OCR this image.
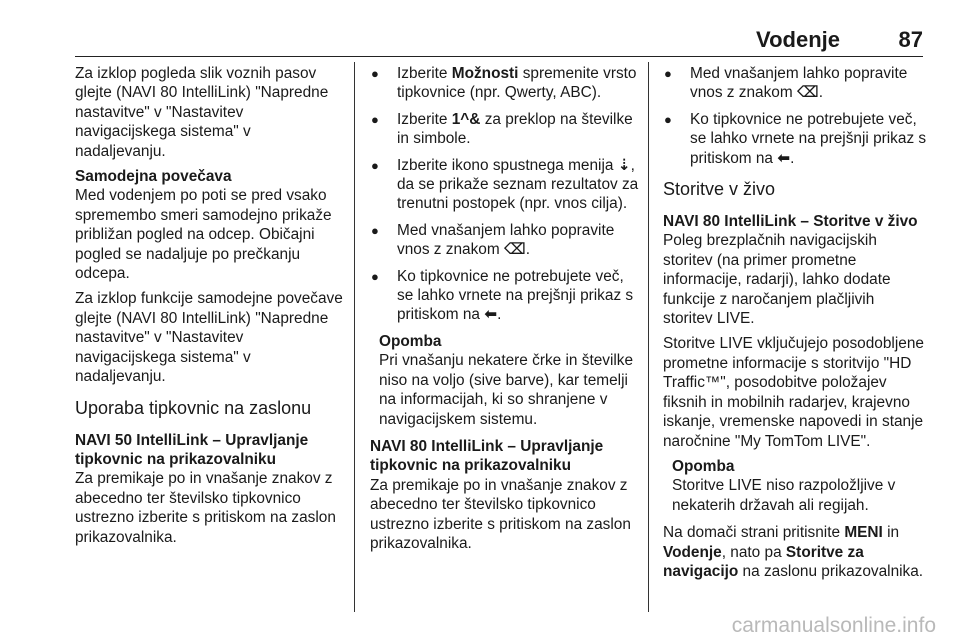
Vodenje	87

Za izklop pogleda slik voznih pasov glejte (NAVI 80 IntelliLink) "Napredne nastavitve" v "Nastavitev navigacijskega sistema" v nadaljevanju.

Samodejna povečava

Med vodenjem po poti se pred vsako spremembo smeri samodejno prikaže približan pogled na odcep. Običajni pogled se nadaljuje po prečkanju odcepa.

Za izklop funkcije samodejne povečave glejte (NAVI 80 IntelliLink) "Napredne nastavitve" v "Nastavitev navigacijskega sistema" v nadaljevanju.

Uporaba tipkovnic na zaslonu

NAVI 50 IntelliLink – Upravljanje tipkovnic na prikazovalniku

Za premikaje po in vnašanje znakov z abecedno ter številsko tipkovnico ustrezno izberite s pritiskom na zaslon prikazovalnika.

● Izberite Možnosti spremenite vrsto tipkovnice (npr. Qwerty, ABC).
● Izberite 1^& za preklop na številke in simbole.
● Izberite ikono spustnega menija ⇣, da se prikaže seznam rezultatov za trenutni postopek (npr. vnos cilja).
● Med vnašanjem lahko popravite vnos z znakom ⌫.
● Ko tipkovnice ne potrebujete več, se lahko vrnete na prejšnji prikaz s pritiskom na ⬅.
Opomba
Pri vnašanju nekatere črke in številke niso na voljo (sive barve), kar temelji na informacijah, ki so shranjene v navigacijskem sistemu.

NAVI 80 IntelliLink – Upravljanje tipkovnic na prikazovalniku

Za premikaje po in vnašanje znakov z abecedno ter številsko tipkovnico ustrezno izberite s pritiskom na zaslon prikazovalnika.

● Med vnašanjem lahko popravite vnos z znakom ⌫.
● Ko tipkovnice ne potrebujete več, se lahko vrnete na prejšnji prikaz s pritiskom na ⬅.
Storitve v živo

NAVI 80 IntelliLink – Storitve v živo

Poleg brezplačnih navigacijskih storitev (na primer prometne informacije, radarji), lahko dodate funkcije z naročanjem plačljivih storitev LIVE.

Storitve LIVE vključujejo posodobljene prometne informacije s storitvijo "HD Traffic™", posodobitve položajev fiksnih in mobilnih radarjev, krajevno iskanje, vremenske napovedi in stanje naročnine "My TomTom LIVE".

Opomba
Storitve LIVE niso razpoložljive v nekaterih državah ali regijah.

Na domači strani pritisnite MENI in Vodenje, nato pa Storitve za navigacijo na zaslonu prikazovalnika.

carmanualsonline.info
